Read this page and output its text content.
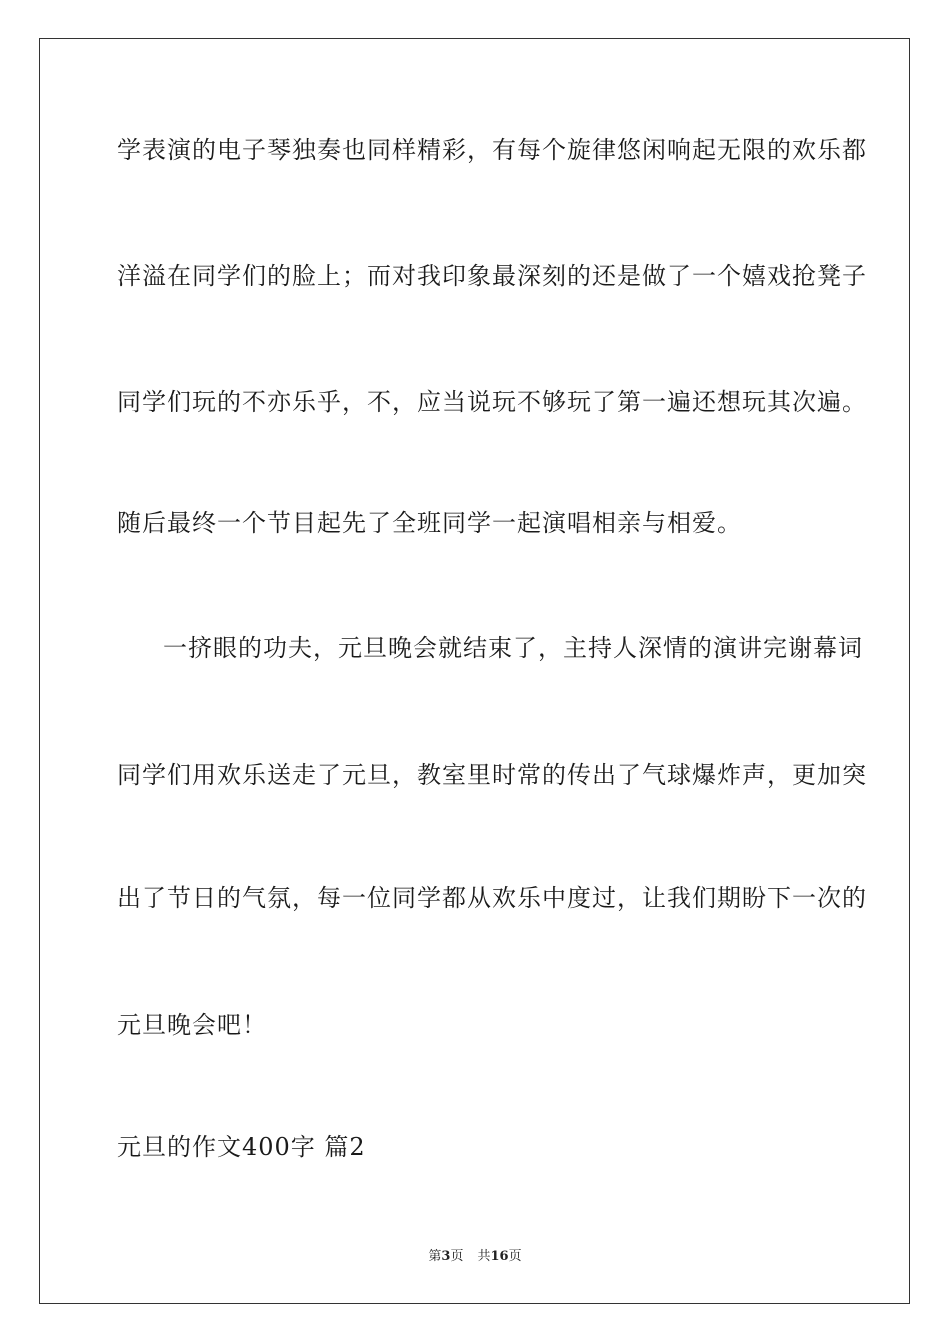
学表演的电子琴独奏也同样精彩，有每个旋律悠闲响起无限的欢乐都
洋溢在同学们的脸上；而对我印象最深刻的还是做了一个嬉戏抢凳子
同学们玩的不亦乐乎，不，应当说玩不够玩了第一遍还想玩其次遍。
随后最终一个节目起先了全班同学一起演唱相亲与相爱。
一挤眼的功夫，元旦晚会就结束了，主持人深情的演讲完谢幕词
同学们用欢乐送走了元旦，教室里时常的传出了气球爆炸声，更加突
出了节日的气氛，每一位同学都从欢乐中度过，让我们期盼下一次的
元旦晚会吧！
元旦的作文400字 篇2
第3页 共16页
